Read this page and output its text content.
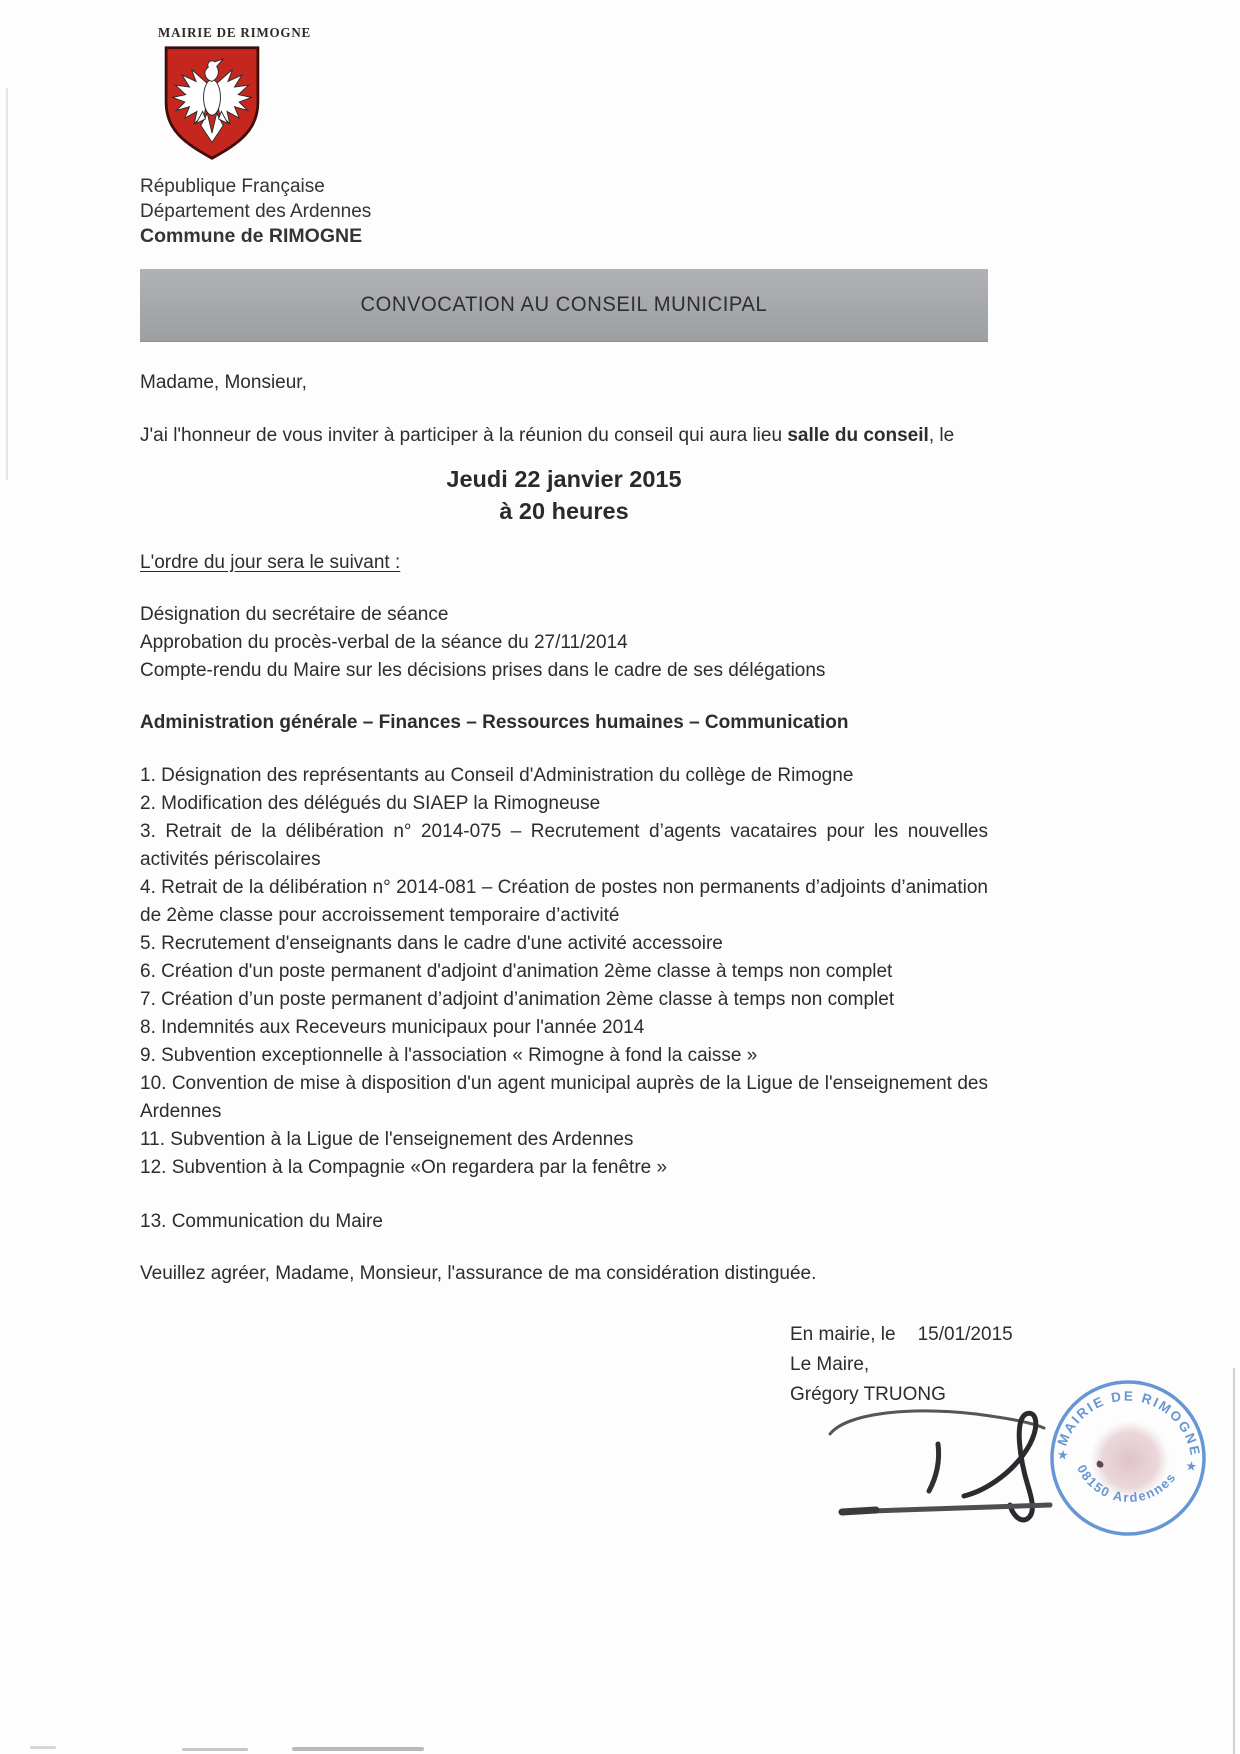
MAIRIE DE RIMOGNE
République Française
Département des Ardennes
Commune de RIMOGNE
CONVOCATION AU CONSEIL MUNICIPAL
Madame, Monsieur,
J'ai l'honneur de vous inviter à participer à la réunion du conseil qui aura lieu salle du conseil, le
Jeudi 22 janvier 2015
à 20 heures
L'ordre du jour sera le suivant :
Désignation du secrétaire de séance
Approbation du procès-verbal de la séance du 27/11/2014
Compte-rendu du Maire sur les décisions prises dans le cadre de ses délégations
Administration générale – Finances – Ressources humaines – Communication
1. Désignation des représentants au Conseil d'Administration du collège de Rimogne
2. Modification des délégués du SIAEP la Rimogneuse
3. Retrait de la délibération n° 2014-075 – Recrutement d’agents vacataires pour les nouvelles activités périscolaires
4. Retrait de la délibération n° 2014-081 – Création de postes non permanents d’adjoints d’animation de 2ème classe pour accroissement temporaire d’activité
5. Recrutement d'enseignants dans le cadre d'une activité accessoire
6. Création d'un poste permanent d'adjoint d'animation 2ème classe à temps non complet
7. Création d’un poste permanent d’adjoint d’animation 2ème classe à temps non complet
8. Indemnités aux Receveurs municipaux pour l'année 2014
9. Subvention exceptionnelle à l'association « Rimogne à fond la caisse »
10. Convention de mise à disposition d'un agent municipal auprès de la Ligue de l'enseignement des Ardennes
11. Subvention à la Ligue de l'enseignement des Ardennes
12. Subvention à la Compagnie «On regardera par la fenêtre »
13. Communication du Maire
Veuillez agréer, Madame, Monsieur, l'assurance de ma considération distinguée.
En mairie, le 15/01/2015
Le Maire,
Grégory TRUONG
MAIRIE DE RIMOGNE
08150 Ardennes
★
★
